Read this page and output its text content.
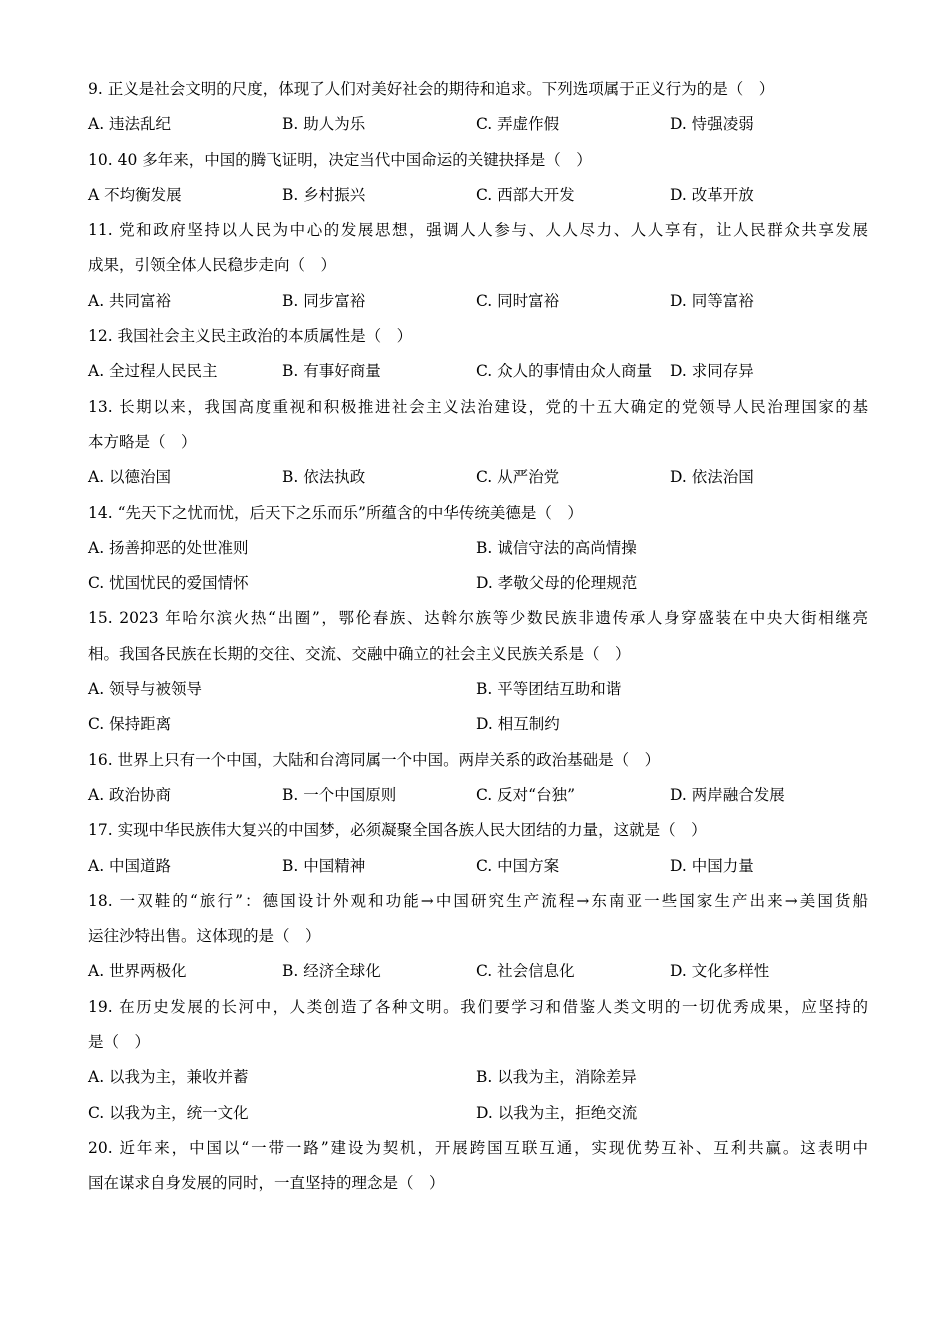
9. 正义是社会文明的尺度，体现了人们对美好社会的期待和追求。下列选项属于正义行为的是（　）
A. 违法乱纪	B. 助人为乐	C. 弄虚作假	D. 恃强凌弱
10. 40 多年来，中国的腾飞证明，决定当代中国命运的关键抉择是（　）
A 不均衡发展	B. 乡村振兴	C. 西部大开发	D. 改革开放
11. 党和政府坚持以人民为中心的发展思想，强调人人参与、人人尽力、人人享有，让人民群众共享发展
成果，引领全体人民稳步走向（　）
A. 共同富裕	B. 同步富裕	C. 同时富裕	D. 同等富裕
12. 我国社会主义民主政治的本质属性是（　）
A. 全过程人民民主	B. 有事好商量	C. 众人的事情由众人商量	D. 求同存异
13. 长期以来，我国高度重视和积极推进社会主义法治建设，党的十五大确定的党领导人民治理国家的基
本方略是（　）
A. 以德治国	B. 依法执政	C. 从严治党	D. 依法治国
14. “先天下之忧而忧，后天下之乐而乐”所蕴含的中华传统美德是（　）
A. 扬善抑恶的处世准则	B. 诚信守法的高尚情操
C. 忧国忧民的爱国情怀	D. 孝敬父母的伦理规范
15. 2023 年哈尔滨火热“出圈”，鄂伦春族、达斡尔族等少数民族非遗传承人身穿盛装在中央大街相继亮
相。我国各民族在长期的交往、交流、交融中确立的社会主义民族关系是（　）
A. 领导与被领导	B. 平等团结互助和谐
C. 保持距离	D. 相互制约
16. 世界上只有一个中国，大陆和台湾同属一个中国。两岸关系的政治基础是（　）
A. 政治协商	B. 一个中国原则	C. 反对“台独”	D. 两岸融合发展
17. 实现中华民族伟大复兴的中国梦，必须凝聚全国各族人民大团结的力量，这就是（　）
A. 中国道路	B. 中国精神	C. 中国方案	D. 中国力量
18. 一双鞋的“旅行”：德国设计外观和功能→中国研究生产流程→东南亚一些国家生产出来→美国货船
运往沙特出售。这体现的是（　）
A. 世界两极化	B. 经济全球化	C. 社会信息化	D. 文化多样性
19. 在历史发展的长河中，人类创造了各种文明。我们要学习和借鉴人类文明的一切优秀成果，应坚持的
是（　）
A. 以我为主，兼收并蓄	B. 以我为主，消除差异
C. 以我为主，统一文化	D. 以我为主，拒绝交流
20. 近年来，中国以“一带一路”建设为契机，开展跨国互联互通，实现优势互补、互利共赢。这表明中
国在谋求自身发展的同时，一直坚持的理念是（　）
